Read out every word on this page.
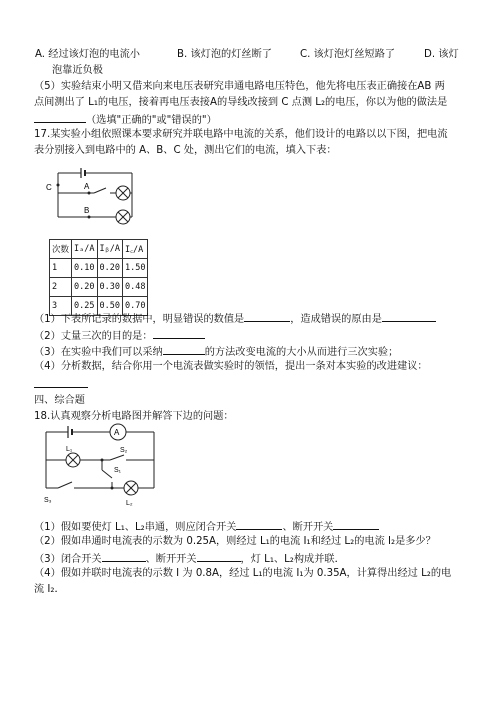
A. 经过该灯泡的电流小	B. 该灯泡的灯丝断了	C. 该灯泡灯丝短路了	D. 该灯
泡靠近负极
（5）实验结束小明又借来向来电压表研究串通电路电压特色，他先将电压表正确接在AB 两
点间测出了 L₁的电压，接着再电压表接A的导线改接到 C 点测 L₂的电压，你以为他的做法是
（选填"正确的"或"错误的"）
17.某实验小组依照课本要求研究并联电路中电流的关系，他们设计的电路以以下图，把电流
表分别接入到电路中的 A、B、C 处，测出它们的电流，填入下表：
C	A
B
次数	Iₐ/A	Iᵦ/A	I꜀/A
1	0.10	0.20	1.50
2	0.20	0.30	0.48
3	0.25	0.50	0.70
（1）下表所记录的数据中，明显错误的数值是	，造成错误的原由是
（2）丈量三次的目的是：
（3）在实验中我们可以采纳	的方法改变电流的大小从而进行三次实验；
（4）分析数据，结合你用一个电流表做实验时的领悟，提出一条对本实验的改进建议：
四、综合题
18.认真观察分析电路图并解答下边的问题：
A
L₁	S₂
S₁
S₃	L₂
（1）假如要使灯 L₁、L₂串通，则应闭合开关	、断开开关
（2）假如串通时电流表的示数为 0.25A，则经过 L₁的电流 I₁和经过 L₂的电流 I₂是多少？
（3）闭合开关	、断开开关	，灯 L₁、L₂构成并联．
（4）假如并联时电流表的示数 I 为 0.8A，经过 L₁的电流 I₁为 0.35A，计算得出经过 L₂的电
流 I₂．
